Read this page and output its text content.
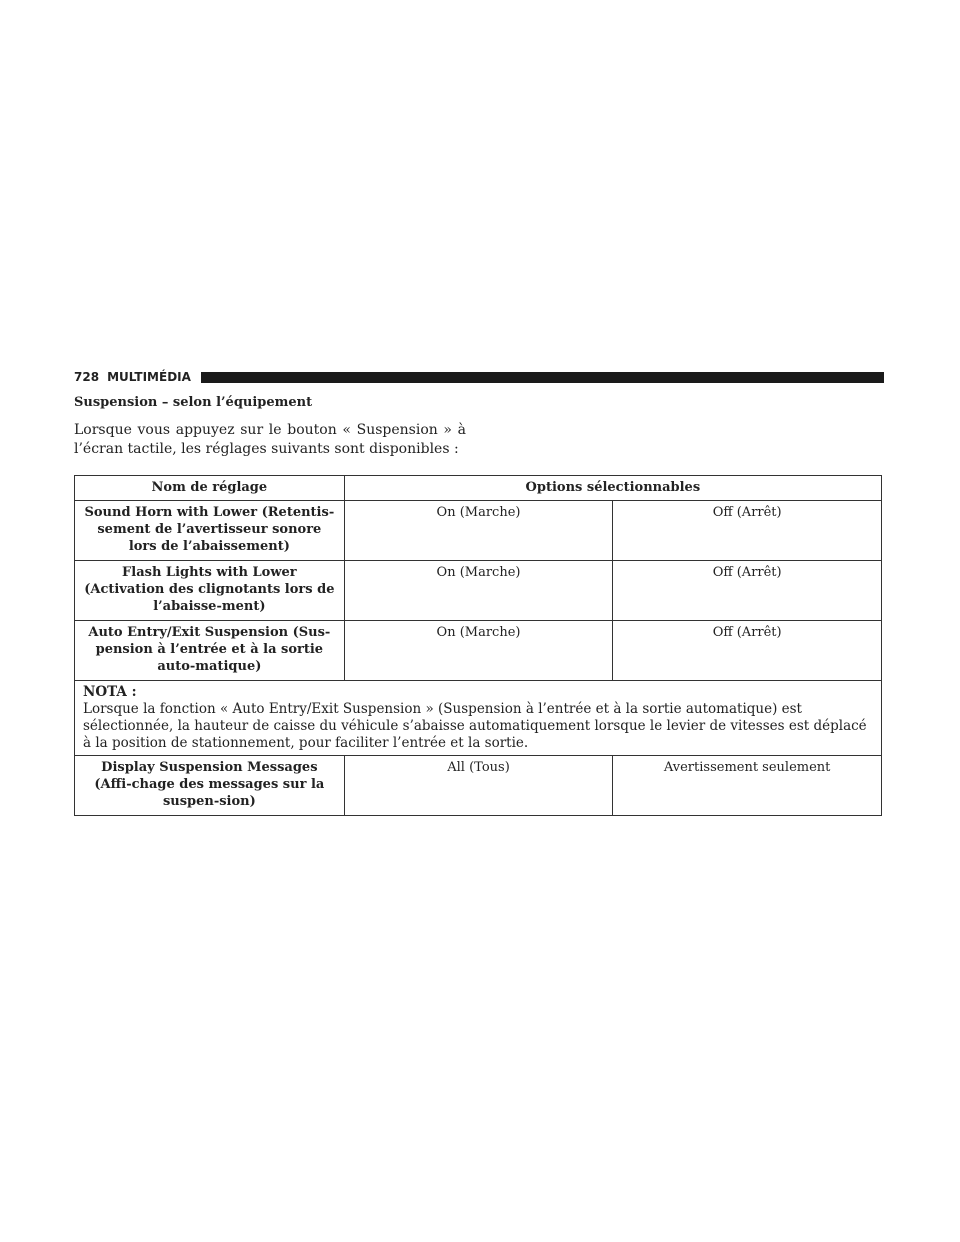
728 MULTIMÉDIA
Suspension – selon l’équipement
Lorsque vous appuyez sur le bouton « Suspension » à l’écran tactile, les réglages suivants sont disponibles :
Nom de réglage	Options sélectionnables	
Sound Horn with Lower (Retentis-sement de l’avertisseur sonore lors de l’abaissement)	On (Marche)	Off (Arrêt)
Flash Lights with Lower (Activation des clignotants lors de l’abaisse-ment)	On (Marche)	Off (Arrêt)
Auto Entry/Exit Suspension (Sus-pension à l’entrée et à la sortie auto-matique)	On (Marche)	Off (Arrêt)

NOTA :
Lorsque la fonction « Auto Entry/Exit Suspension » (Suspension à l’entrée et à la sortie automatique) est sélectionnée, la hauteur de caisse du véhicule s’abaisse automatiquement lorsque le levier de vitesses est déplacé à la position de stationnement, pour faciliter l’entrée et la sortie.		
Display Suspension Messages (Affi-chage des messages sur la suspen-sion)	All (Tous)	Avertissement seulement
